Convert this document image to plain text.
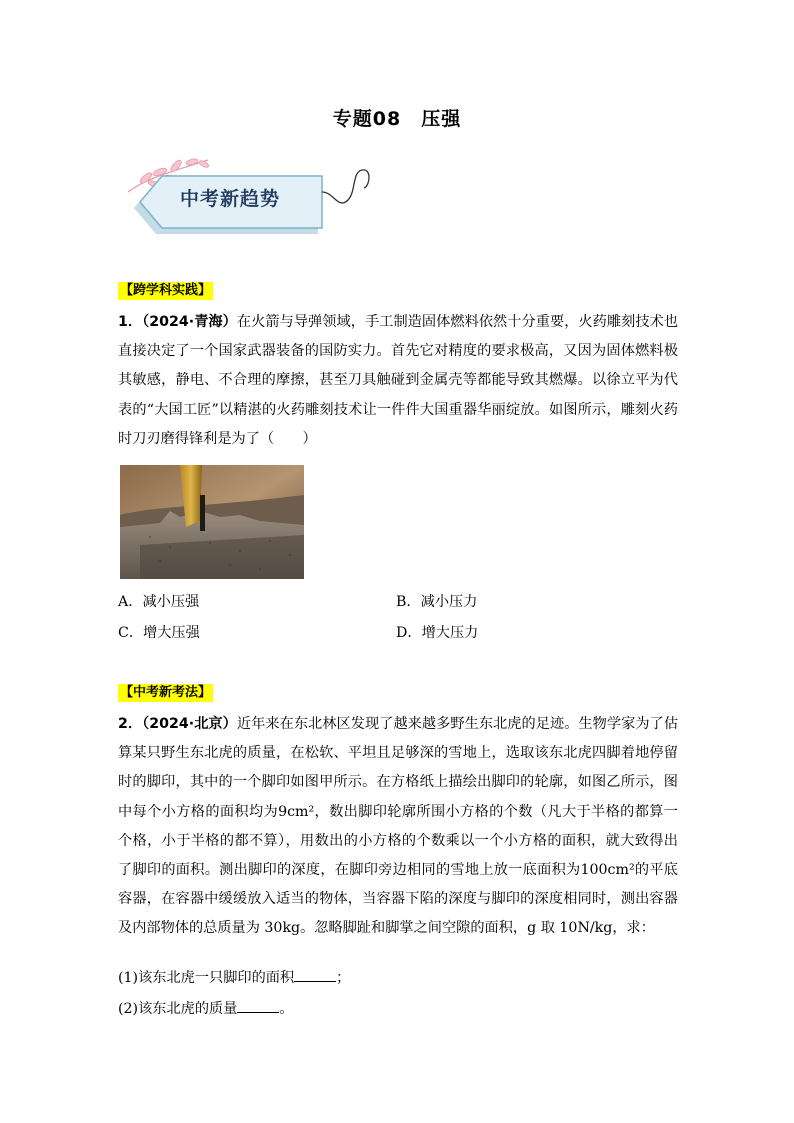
专题08　压强
中考新趋势
【跨学科实践】
1．（2024·青海）在火箭与导弹领域，手工制造固体燃料依然十分重要，火药雕刻技术也直接决定了一个国家武器装备的国防实力。首先它对精度的要求极高，又因为固体燃料极其敏感，静电、不合理的摩擦，甚至刀具触碰到金属壳等都能导致其燃爆。以徐立平为代表的“大国工匠”以精湛的火药雕刻技术让一件件大国重器华丽绽放。如图所示，雕刻火药时刀刃磨得锋利是为了（　　）
A．减小压强	B．减小压力
C．增大压强	D．增大压力
【中考新考法】
2．（2024·北京）近年来在东北林区发现了越来越多野生东北虎的足迹。生物学家为了估算某只野生东北虎的质量，在松软、平坦且足够深的雪地上，选取该东北虎四脚着地停留时的脚印，其中的一个脚印如图甲所示。在方格纸上描绘出脚印的轮廓，如图乙所示，图中每个小方格的面积均为9cm²，数出脚印轮廓所围小方格的个数（凡大于半格的都算一个格，小于半格的都不算），用数出的小方格的个数乘以一个小方格的面积，就大致得出了脚印的面积。测出脚印的深度，在脚印旁边相同的雪地上放一底面积为100cm²的平底容器，在容器中缓缓放入适当的物体，当容器下陷的深度与脚印的深度相同时，测出容器及内部物体的总质量为 30kg。忽略脚趾和脚掌之间空隙的面积，g 取 10N/kg，求：
(1)该东北虎一只脚印的面积	；
(2)该东北虎的质量	。
